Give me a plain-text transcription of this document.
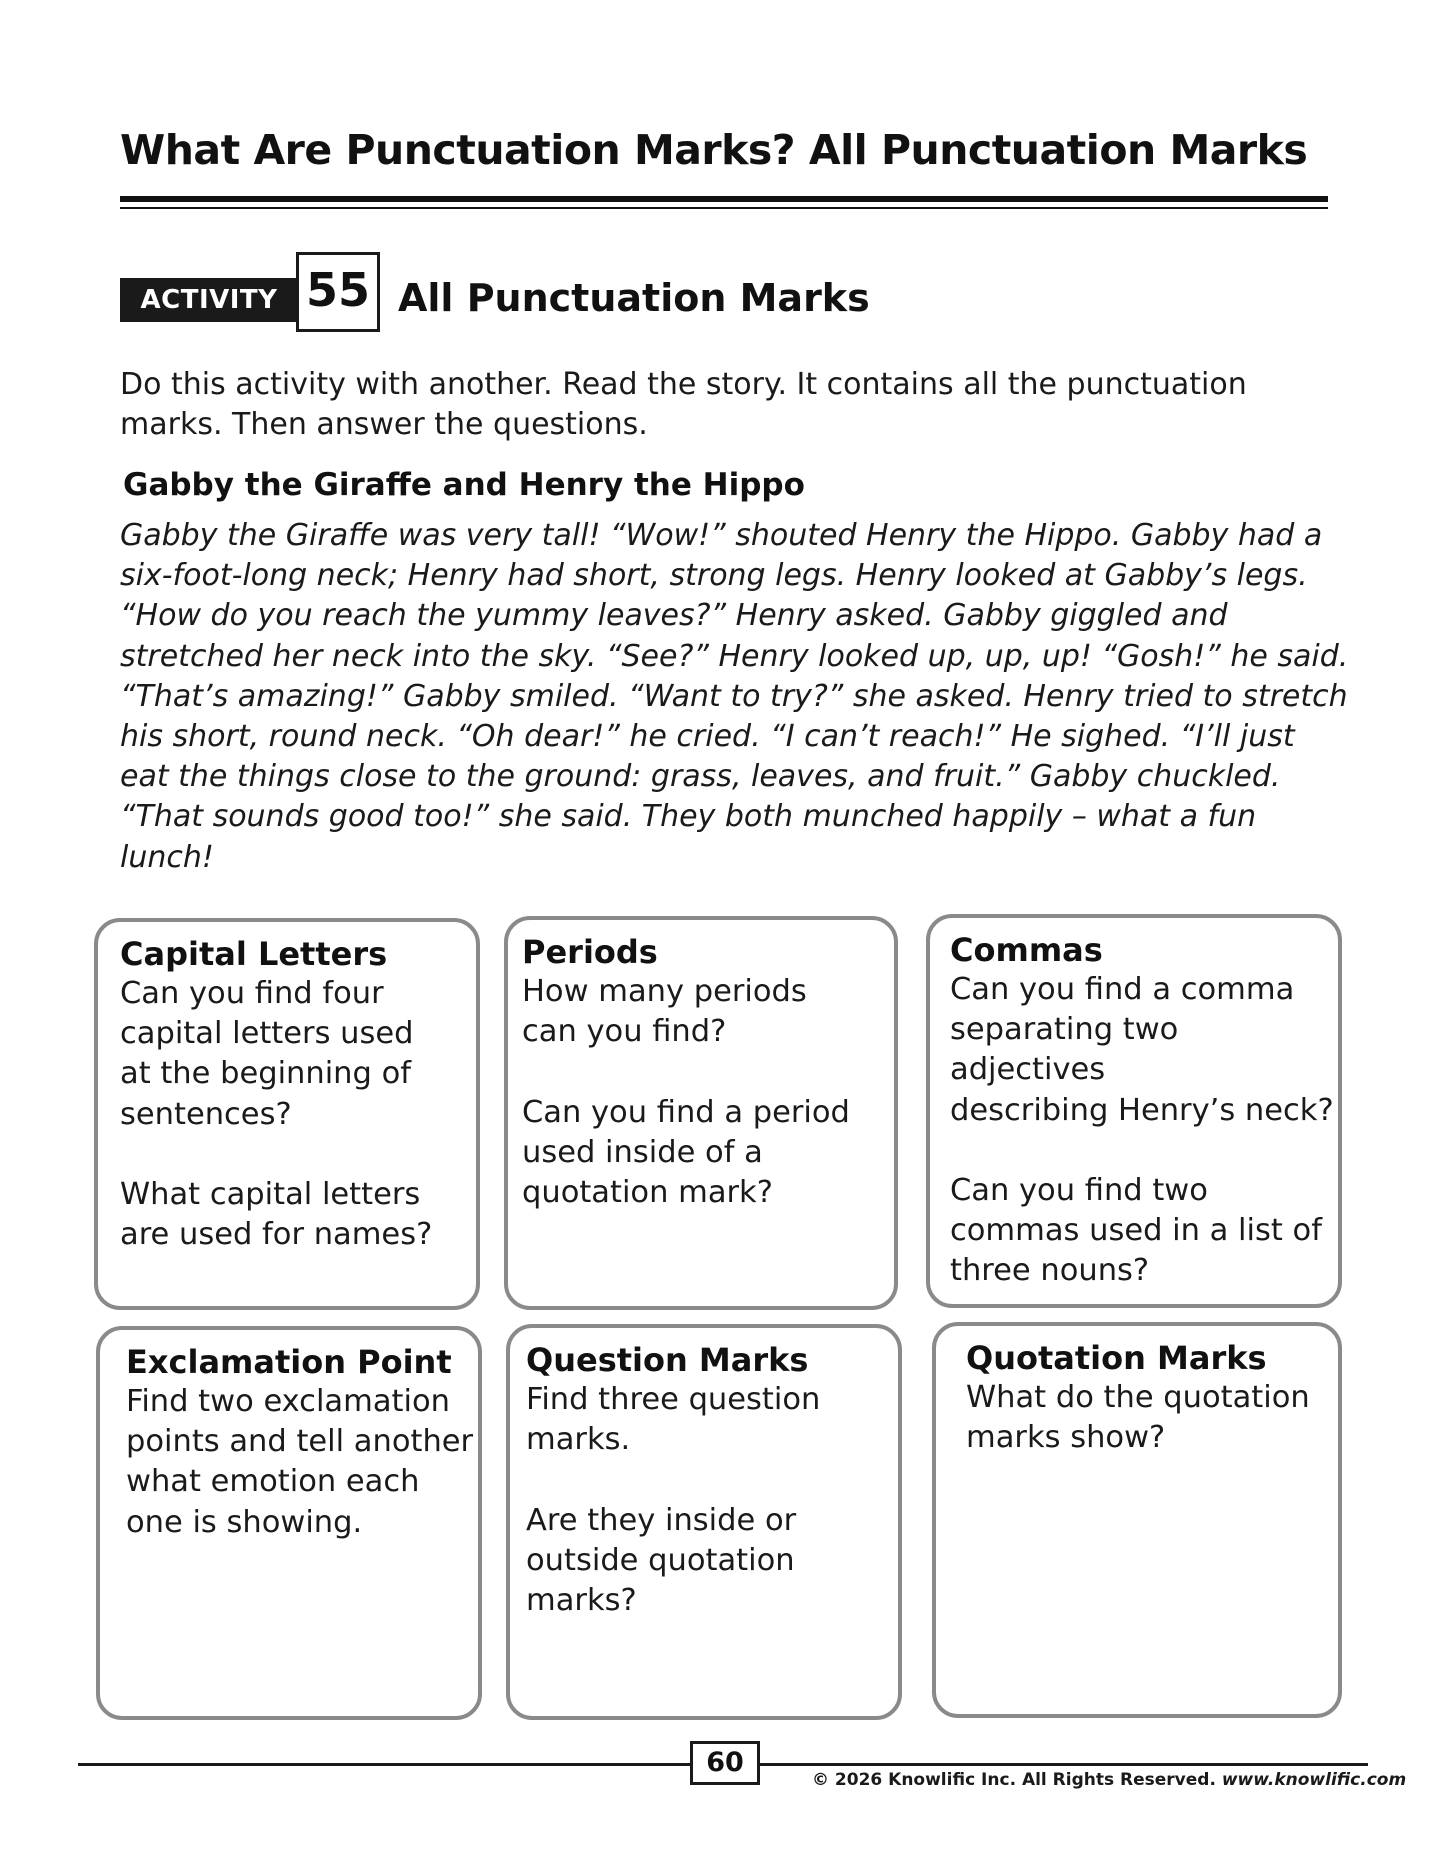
What Are Punctuation Marks? All Punctuation Marks
ACTIVITY 55 All Punctuation Marks
Do this activity with another. Read the story. It contains all the punctuation marks. Then answer the questions.
Gabby the Giraffe and Henry the Hippo
Gabby the Giraffe was very tall! “Wow!” shouted Henry the Hippo. Gabby had a six-foot-long neck; Henry had short, strong legs. Henry looked at Gabby’s legs. “How do you reach the yummy leaves?” Henry asked. Gabby giggled and stretched her neck into the sky. “See?” Henry looked up, up, up! “Gosh!” he said. “That’s amazing!” Gabby smiled. “Want to try?” she asked. Henry tried to stretch his short, round neck. “Oh dear!” he cried. “I can’t reach!” He sighed. “I’ll just eat the things close to the ground: grass, leaves, and fruit.” Gabby chuckled. “That sounds good too!” she said. They both munched happily – what a fun lunch!
Capital Letters
Can you find four
capital letters used
at the beginning of
sentences?

What capital letters
are used for names?
Periods
How many periods
can you find?

Can you find a period
used inside of a
quotation mark?
Commas
Can you find a comma
separating two adjectives
describing Henry’s neck?

Can you find two
commas used in a list of
three nouns?
Exclamation Point
Find two exclamation
points and tell another
what emotion each
one is showing.
Question Marks
Find three question
marks.

Are they inside or
outside quotation
marks?
Quotation Marks
What do the quotation
marks show?
60
© 2026 Knowlific Inc. All Rights Reserved. www.knowlific.com
